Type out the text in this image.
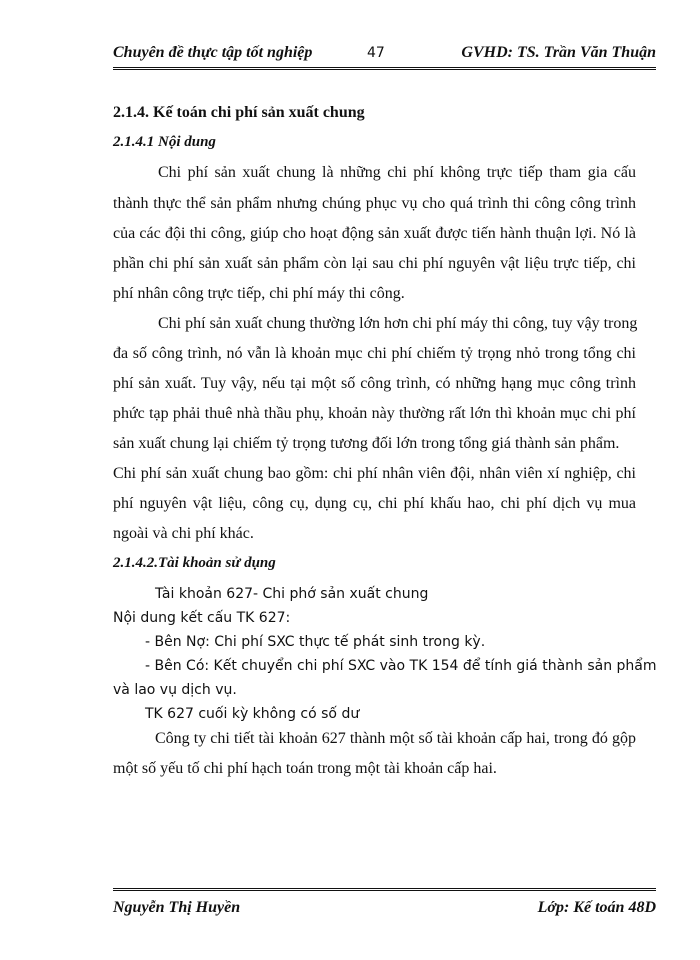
Chuyên đề thực tập tốt nghiệp	47	GVHD: TS. Trần Văn Thuận
2.1.4. Kế toán chi phí sản xuất chung
2.1.4.1 Nội dung
Chi phí sản xuất chung là những chi phí không trực tiếp tham gia cấu
thành thực thể sản phẩm nhưng chúng phục vụ cho quá trình thi công công trình
của các đội thi công, giúp cho hoạt động sản xuất được tiến hành thuận lợi. Nó là
phần chi phí sản xuất sản phẩm còn lại sau chi phí nguyên vật liệu trực tiếp, chi
phí nhân công trực tiếp, chi phí máy thi công.
Chi phí sản xuất chung thường lớn hơn chi phí máy thi công, tuy vậy trong
đa số công trình, nó vẫn là khoản mục chi phí chiếm tỷ trọng nhỏ trong tổng chi
phí sản xuất. Tuy vậy, nếu tại một số công trình, có những hạng mục công trình
phức tạp phải thuê nhà thầu phụ, khoản này thường rất lớn thì khoản mục chi phí
sản xuất chung lại chiếm tỷ trọng tương đối lớn trong tổng giá thành sản phẩm.
Chi phí sản xuất chung bao gồm: chi phí nhân viên đội, nhân viên xí nghiệp, chi
phí nguyên vật liệu, công cụ, dụng cụ, chi phí khấu hao, chi phí dịch vụ mua
ngoài và chi phí khác.
2.1.4.2.Tài khoản sử dụng
Tài khoản 627- Chi phớ sản xuất chung
Nội dung kết cấu TK 627:
- Bên Nợ: Chi phí SXC thực tế phát sinh trong kỳ.
- Bên Có: Kết chuyển chi phí SXC vào TK 154 để tính giá thành sản phẩm
và lao vụ dịch vụ.
TK 627 cuối kỳ không có số dư
Công ty chi tiết tài khoản 627 thành một số tài khoản cấp hai, trong đó gộp
một số yếu tố chi phí hạch toán trong một tài khoản cấp hai.
Nguyễn Thị Huyền	Lớp: Kế toán 48D
